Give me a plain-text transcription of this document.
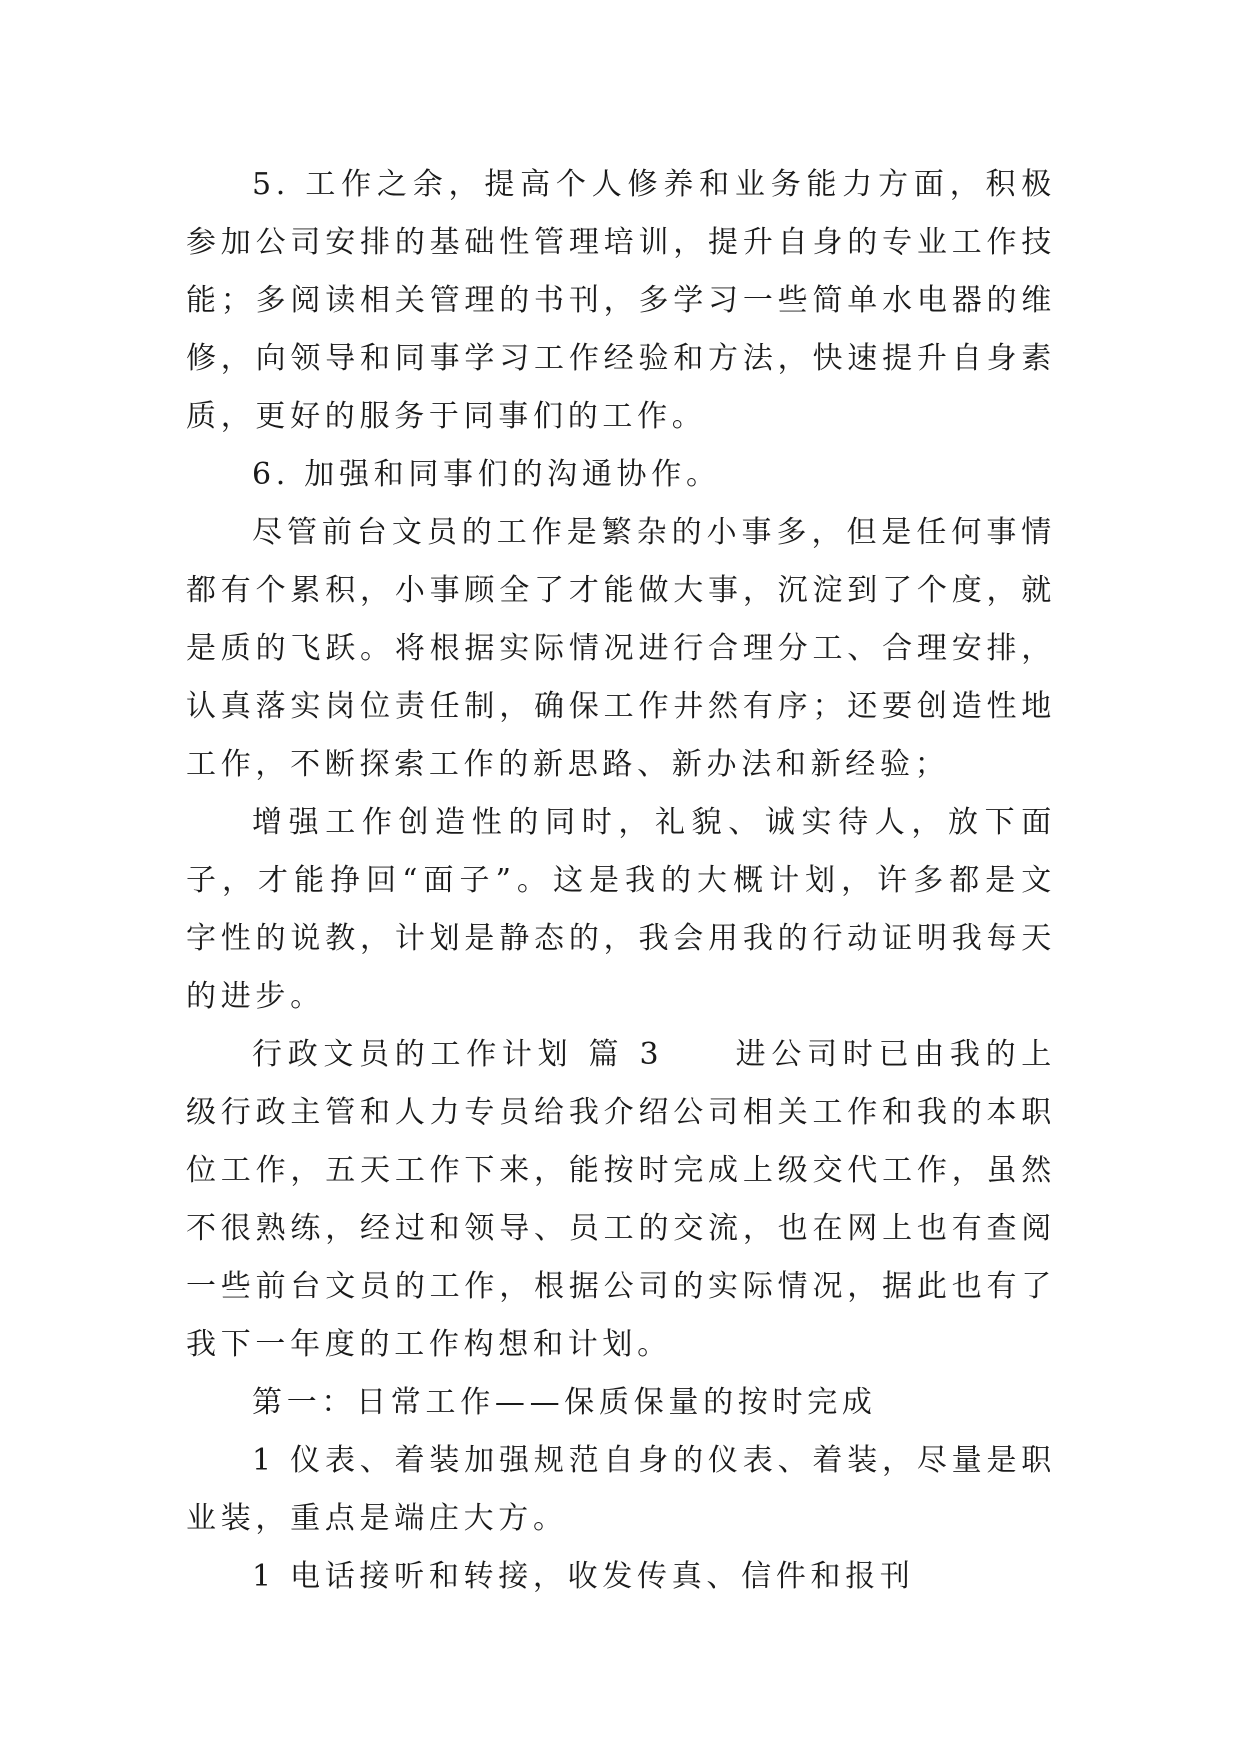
5. 工作之余，提高个人修养和业务能力方面，积极参加公司安排的基础性管理培训，提升自身的专业工作技能；多阅读相关管理的书刊，多学习一些简单水电器的维修，向领导和同事学习工作经验和方法，快速提升自身素质，更好的服务于同事们的工作。

6. 加强和同事们的沟通协作。

尽管前台文员的工作是繁杂的小事多，但是任何事情都有个累积，小事顾全了才能做大事，沉淀到了个度，就是质的飞跃。将根据实际情况进行合理分工、合理安排，认真落实岗位责任制，确保工作井然有序；还要创造性地工作，不断探索工作的新思路、新办法和新经验；

增强工作创造性的同时，礼貌、诚实待人，放下面子，才能挣回“面子”。这是我的大概计划，许多都是文字性的说教，计划是静态的，我会用我的行动证明我每天的进步。

行政文员的工作计划 篇 3　　进公司时已由我的上级行政主管和人力专员给我介绍公司相关工作和我的本职位工作，五天工作下来，能按时完成上级交代工作，虽然不很熟练，经过和领导、员工的交流，也在网上也有查阅一些前台文员的工作，根据公司的实际情况，据此也有了我下一年度的工作构想和计划。

第一：日常工作——保质保量的按时完成

1 仪表、着装加强规范自身的仪表、着装，尽量是职业装，重点是端庄大方。

1 电话接听和转接，收发传真、信件和报刊
